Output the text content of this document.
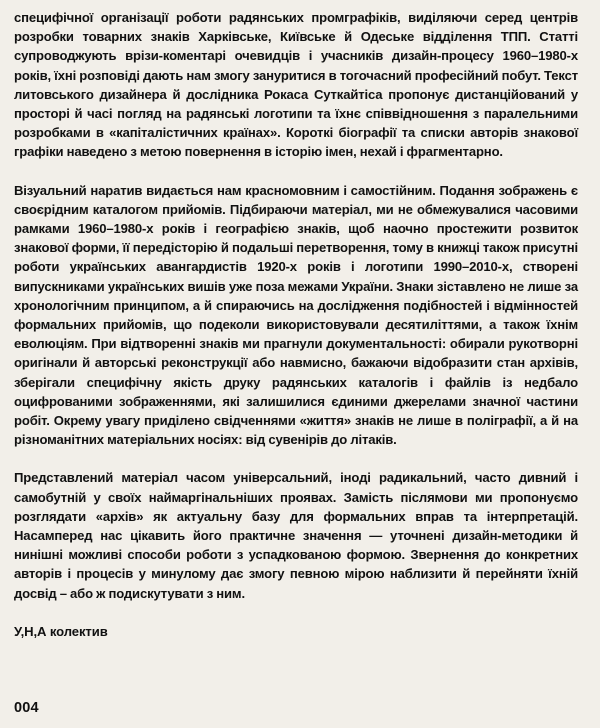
специфічної організації роботи радянських промграфіків, виділяючи серед центрів розробки товарних знаків Харківське, Київське й Одеське відділення ТПП. Статті супроводжують врізи-коментарі очевидців і учасників дизайн-процесу 1960–1980-х років, їхні розповіді дають нам змогу зануритися в тогочасний професійний побут. Текст литовського дизайнера й дослідника Рокаса Суткайтіса пропонує дистанційований у просторі й часі погляд на радянські логотипи та їхнє співвідношення з паралельними розробками в «капіталістичних країнах». Короткі біографії та списки авторів знакової графіки наведено з метою повернення в історію імен, нехай і фрагментарно.

Візуальний наратив видається нам красномовним і самостійним. Подання зображень є своєрідним каталогом прийомів. Підбираючи матеріал, ми не обмежувалися часовими рамками 1960–1980-х років і географією знаків, щоб наочно простежити розвиток знакової форми, її передісторію й подальші перетворення, тому в книжці також присутні роботи українських авангардистів 1920-х років і логотипи 1990–2010-х, створені випускниками українських вишів уже поза межами України. Знаки зіставлено не лише за хронологічним принципом, а й спираючись на дослідження подібностей і відмінностей формальних прийомів, що подеколи використовували десятиліттями, а також їхнім еволюціям. При відтворенні знаків ми прагнули документальності: обирали рукотворні оригінали й авторські реконструкції або навмисно, бажаючи відобразити стан архівів, зберігали специфічну якість друку радянських каталогів і файлів із недбало оцифрованими зображеннями, які залишилися єдиними джерелами значної частини робіт. Окрему увагу приділено свідченнями «життя» знаків не лише в поліграфії, а й на різноманітних матеріальних носіях: від сувенірів до літаків.

Представлений матеріал часом універсальний, іноді радикальний, часто дивний і самобутній у своїх наймаргінальніших проявах. Замість післямови ми пропонуємо розглядати «архів» як актуальну базу для формальних вправ та інтерпретацій. Насамперед нас цікавить його практичне значення — уточнені дизайн-методики й нинішні можливі способи роботи з успадкованою формою. Звернення до конкретних авторів і процесів у минулому дає змогу певною мірою наблизити й перейняти їхній досвід – або ж подискутувати з ним.

У,Н,А колектив
004
